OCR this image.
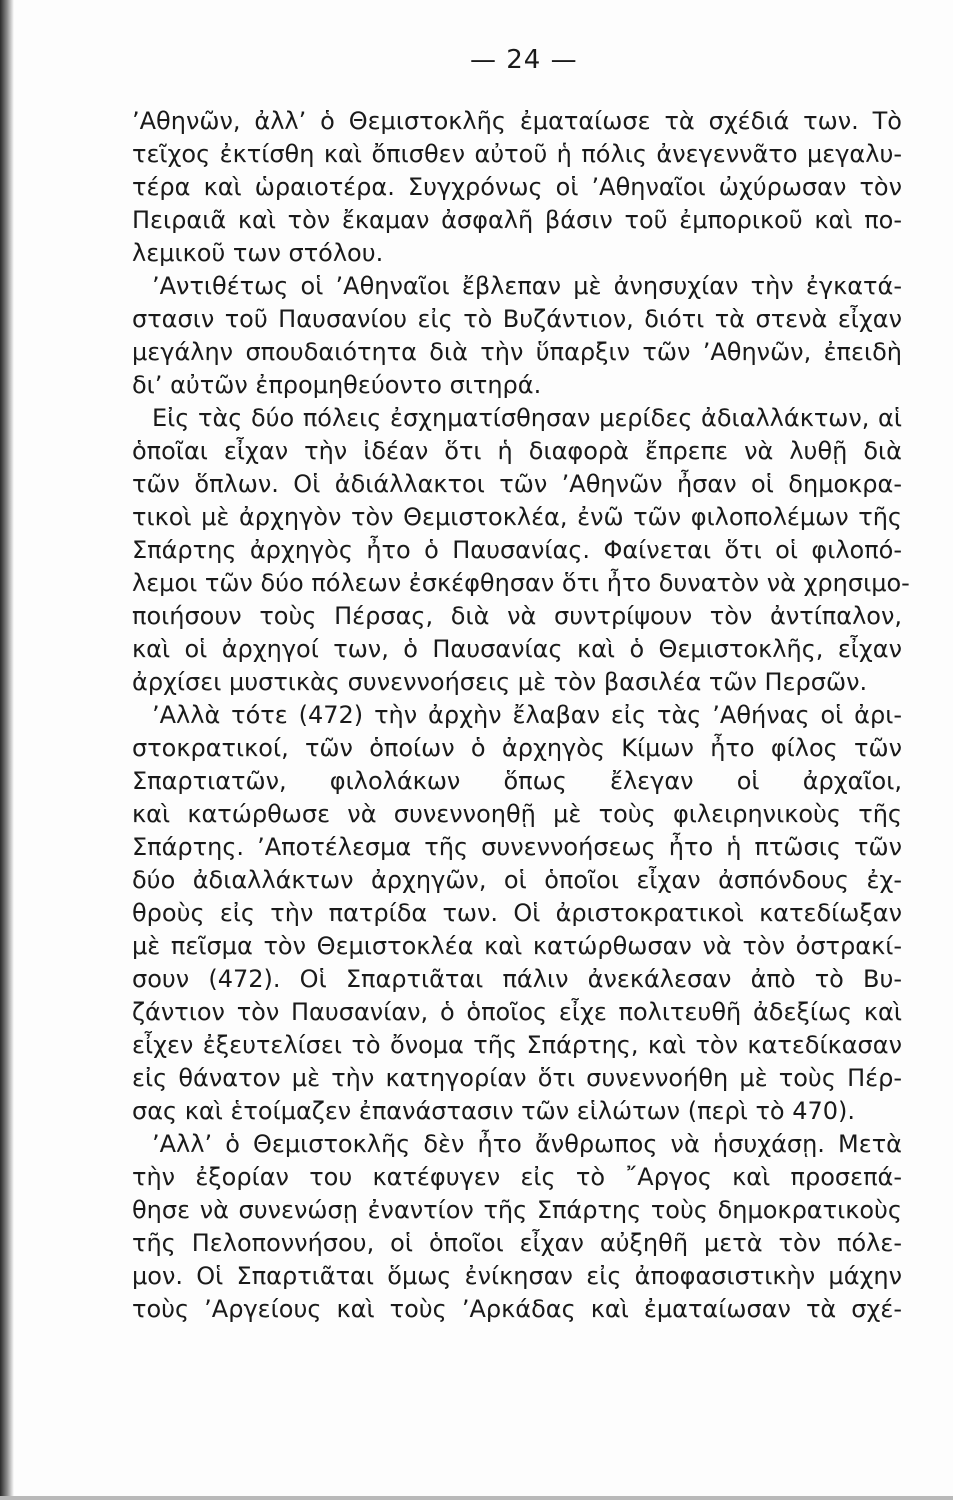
— 24 —
’Αθηνῶν, ἀλλ’ ὁ Θεμιστοκλῆς ἐματαίωσε τὰ σχέδιά των. Τὸ
τεῖχος ἐκτίσθη καὶ ὄπισθεν αὐτοῦ ἡ πόλις ἀνεγεννᾶτο μεγαλυ-
τέρα καὶ ὡραιοτέρα. Συγχρόνως οἱ ’Αθηναῖοι ὠχύρωσαν τὸν
Πειραιᾶ καὶ τὸν ἔκαμαν ἀσφαλῆ βάσιν τοῦ ἐμπορικοῦ καὶ πο-
λεμικοῦ των στόλου.
’Αντιθέτως οἱ ’Αθηναῖοι ἔβλεπαν μὲ ἀνησυχίαν τὴν ἐγκατά-
στασιν τοῦ Παυσανίου εἰς τὸ Βυζάντιον, διότι τὰ στενὰ εἶχαν
μεγάλην σπουδαιότητα διὰ τὴν ὕπαρξιν τῶν ’Αθηνῶν, ἐπειδὴ
δι’ αὐτῶν ἐπρομηθεύοντο σιτηρά.
Εἰς τὰς δύο πόλεις ἐσχηματίσθησαν μερίδες ἀδιαλλάκτων, αἱ
ὁποῖαι εἶχαν τὴν ἰδέαν ὅτι ἡ διαφορὰ ἔπρεπε νὰ λυθῇ διὰ
τῶν ὅπλων. Οἱ ἀδιάλλακτοι τῶν ’Αθηνῶν ἦσαν οἱ δημοκρα-
τικοὶ μὲ ἀρχηγὸν τὸν Θεμιστοκλέα, ἐνῶ τῶν φιλοπολέμων τῆς
Σπάρτης ἀρχηγὸς ἦτο ὁ Παυσανίας. Φαίνεται ὅτι οἱ φιλοπό-
λεμοι τῶν δύο πόλεων ἐσκέφθησαν ὅτι ἦτο δυνατὸν νὰ χρησιμο-
ποιήσουν τοὺς Πέρσας, διὰ νὰ συντρίψουν τὸν ἀντίπαλον,
καὶ οἱ ἀρχηγοί των, ὁ Παυσανίας καὶ ὁ Θεμιστοκλῆς, εἶχαν
ἀρχίσει μυστικὰς συνεννοήσεις μὲ τὸν βασιλέα τῶν Περσῶν.
’Αλλὰ τότε (472) τὴν ἀρχὴν ἔλαβαν εἰς τὰς ’Αθήνας οἱ ἀρι-
στοκρατικοί, τῶν ὁποίων ὁ ἀρχηγὸς Κίμων ἦτο φίλος τῶν
Σπαρτιατῶν, φιλολάκων ὅπως ἔλεγαν οἱ ἀρχαῖοι,
καὶ κατώρθωσε νὰ συνεννοηθῇ μὲ τοὺς φιλειρηνικοὺς τῆς
Σπάρτης. ’Αποτέλεσμα τῆς συνεννοήσεως ἦτο ἡ πτῶσις τῶν
δύο ἀδιαλλάκτων ἀρχηγῶν, οἱ ὁποῖοι εἶχαν ἀσπόνδους ἐχ-
θροὺς εἰς τὴν πατρίδα των. Οἱ ἀριστοκρατικοὶ κατεδίωξαν
μὲ πεῖσμα τὸν Θεμιστοκλέα καὶ κατώρθωσαν νὰ τὸν ὀστρακί-
σουν (472). Οἱ Σπαρτιᾶται πάλιν ἀνεκάλεσαν ἀπὸ τὸ Βυ-
ζάντιον τὸν Παυσανίαν, ὁ ὁποῖος εἶχε πολιτευθῆ ἀδεξίως καὶ
εἶχεν ἐξευτελίσει τὸ ὄνομα τῆς Σπάρτης, καὶ τὸν κατεδίκασαν
εἰς θάνατον μὲ τὴν κατηγορίαν ὅτι συνεννοήθη μὲ τοὺς Πέρ-
σας καὶ ἑτοίμαζεν ἐπανάστασιν τῶν εἱλώτων (περὶ τὸ 470).
’Αλλ’ ὁ Θεμιστοκλῆς δὲν ἦτο ἄνθρωπος νὰ ἡσυχάσῃ. Μετὰ
τὴν ἐξορίαν του κατέφυγεν εἰς τὸ ῎Αργος καὶ προσεπά-
θησε νὰ συνενώσῃ ἐναντίον τῆς Σπάρτης τοὺς δημοκρατικοὺς
τῆς Πελοποννήσου, οἱ ὁποῖοι εἶχαν αὐξηθῆ μετὰ τὸν πόλε-
μον. Οἱ Σπαρτιᾶται ὅμως ἐνίκησαν εἰς ἀποφασιστικὴν μάχην
τοὺς ’Αργείους καὶ τοὺς ’Αρκάδας καὶ ἐματαίωσαν τὰ σχέ-
